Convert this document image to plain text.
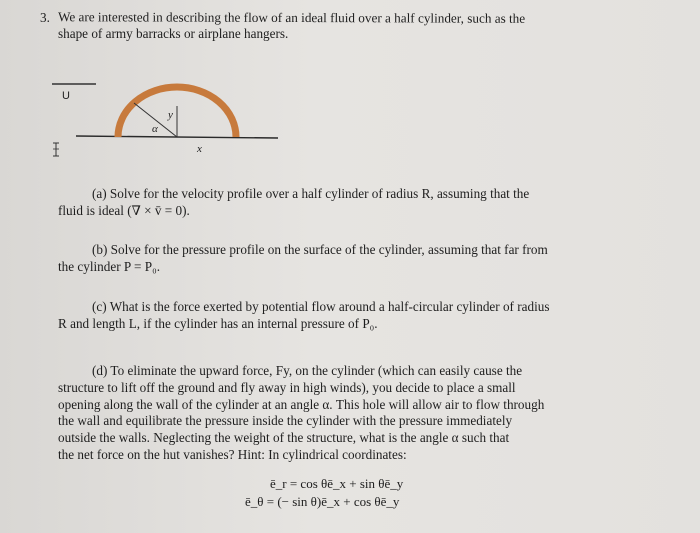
3. We are interested in describing the flow of an ideal fluid over a half cylinder, such as the
shape of army barracks or airplane hangers.
U
α
y
x
(a) Solve for the velocity profile over a half cylinder of radius R, assuming that the
fluid is ideal (∇ × v̄ = 0).
(b) Solve for the pressure profile on the surface of the cylinder, assuming that far from
the cylinder P = P₀.
(c) What is the force exerted by potential flow around a half-circular cylinder of radius
R and length L, if the cylinder has an internal pressure of P₀.
(d) To eliminate the upward force, Fy, on the cylinder (which can easily cause the
structure to lift off the ground and fly away in high winds), you decide to place a small
opening along the wall of the cylinder at an angle α. This hole will allow air to flow through
the wall and equilibrate the pressure inside the cylinder with the pressure immediately
outside the walls. Neglecting the weight of the structure, what is the angle α such that
the net force on the hut vanishes? Hint: In cylindrical coordinates:
ē_r = cos θē_x + sin θē_y
ē_θ = (− sin θ)ē_x + cos θē_y
